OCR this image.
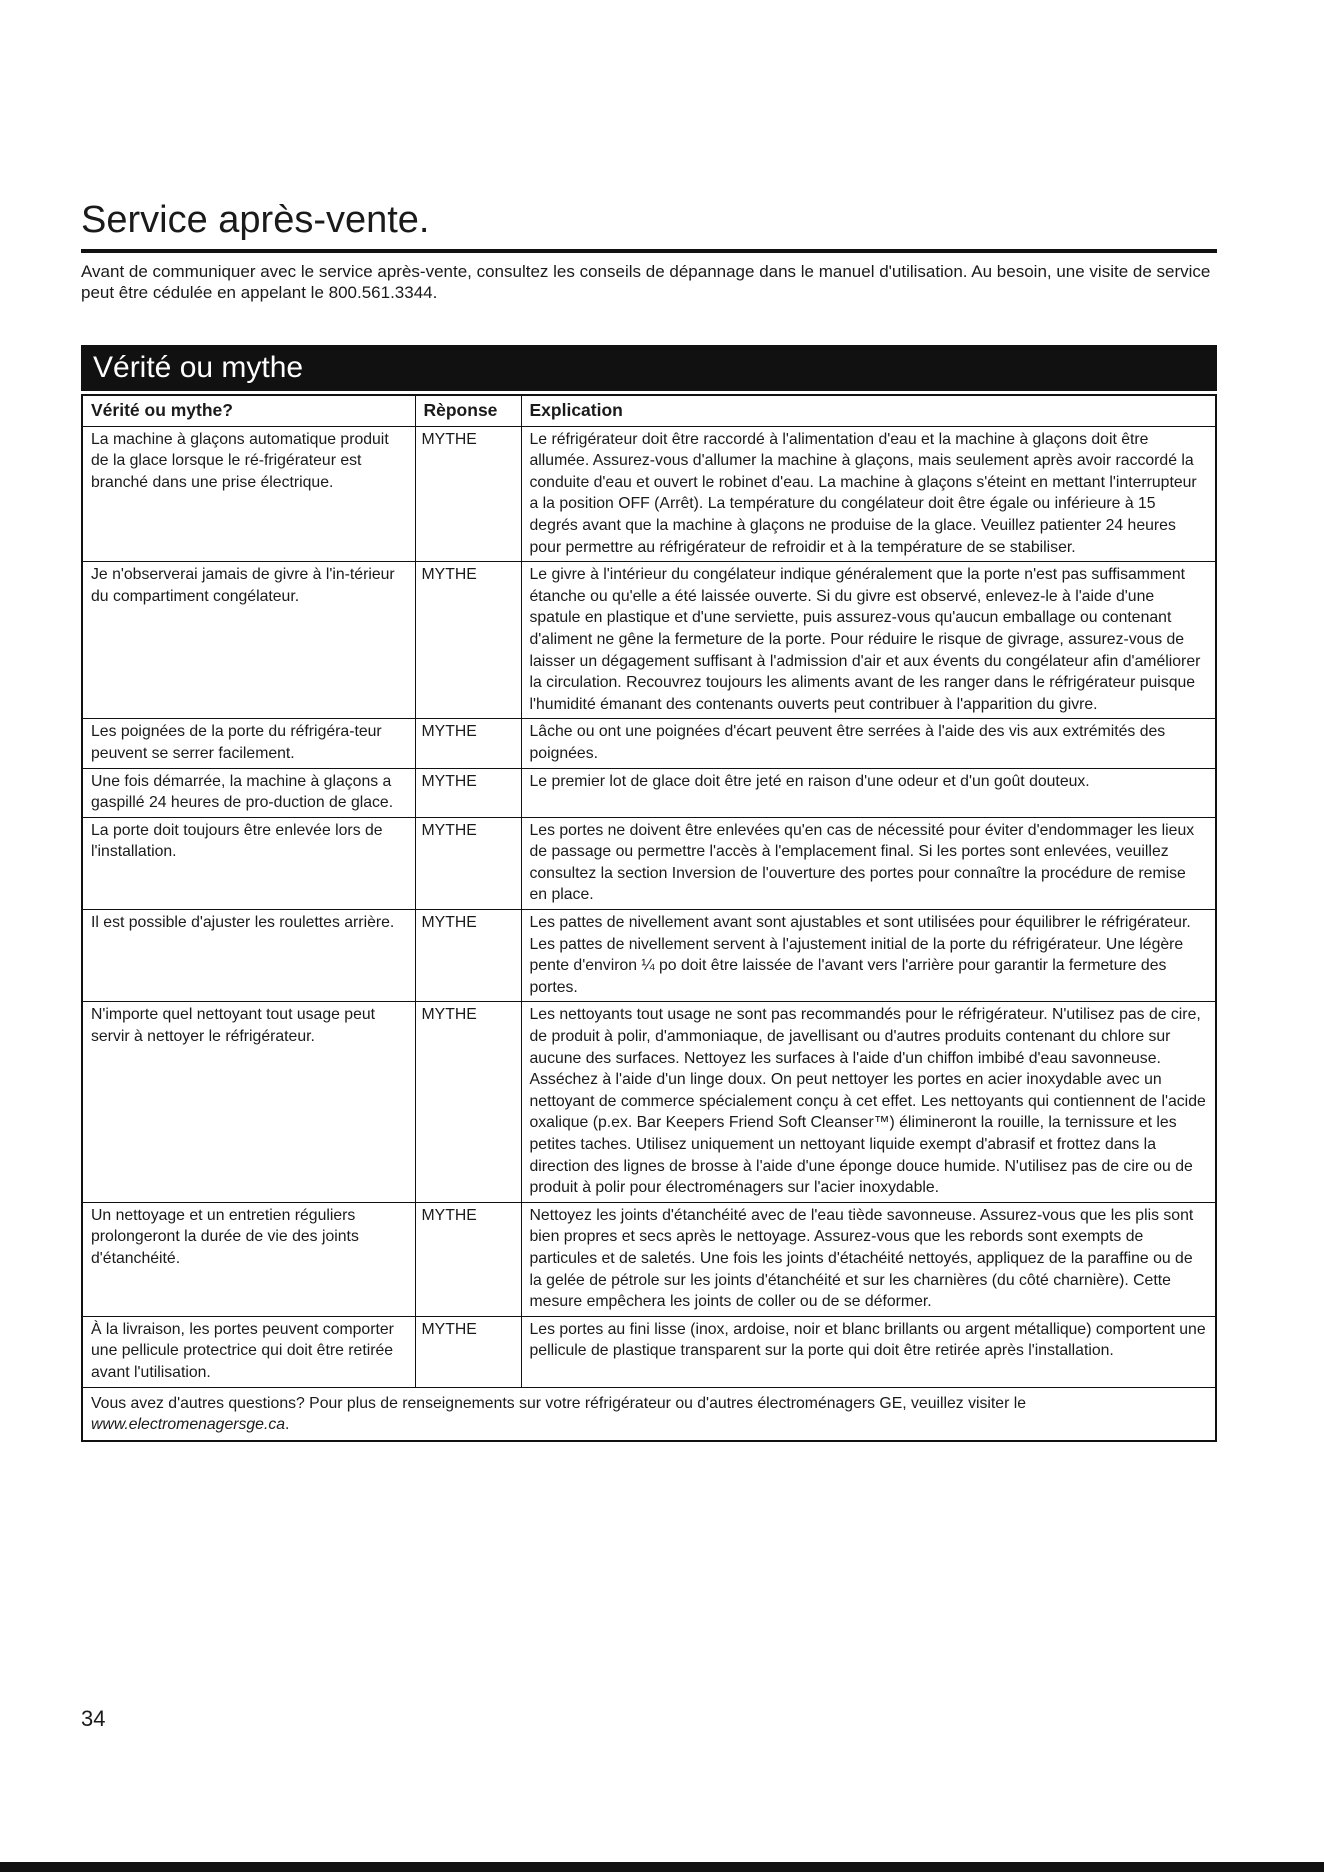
Service après-vente.

Avant de communiquer avec le service après-vente, consultez les conseils de dépannage dans le manuel d'utilisation. Au besoin, une visite de service peut être cédulée en appelant le 800.561.3344.

Vérité ou mythe
Vérité ou mythe?	Rèponse	Explication
La machine à glaçons automatique produit de la glace lorsque le ré-frigérateur est branché dans une prise électrique.	MYTHE	Le réfrigérateur doit être raccordé à l'alimentation d'eau et la machine à glaçons doit être allumée. Assurez-vous d'allumer la machine à glaçons, mais seulement après avoir raccordé la conduite d'eau et ouvert le robinet d'eau. La machine à glaçons s'éteint en mettant l'interrupteur a la position OFF (Arrêt). La température du congélateur doit être égale ou inférieure à 15 degrés avant que la machine à glaçons ne produise de la glace. Veuillez patienter 24 heures pour permettre au réfrigérateur de refroidir et à la température de se stabiliser.
Je n'observerai jamais de givre à l'in-térieur du compartiment congélateur.	MYTHE	Le givre à l'intérieur du congélateur indique généralement que la porte n'est pas suffisamment étanche ou qu'elle a été laissée ouverte. Si du givre est observé, enlevez-le à l'aide d'une spatule en plastique et d'une serviette, puis assurez-vous qu'aucun emballage ou contenant d'aliment ne gêne la fermeture de la porte. Pour réduire le risque de givrage, assurez-vous de laisser un dégagement suffisant à l'admission d'air et aux évents du congélateur afin d'améliorer la circulation. Recouvrez toujours les aliments avant de les ranger dans le réfrigérateur puisque l'humidité émanant des contenants ouverts peut contribuer à l'apparition du givre.
Les poignées de la porte du réfrigéra-teur peuvent se serrer facilement.	MYTHE	Lâche ou ont une poignées d'écart peuvent être serrées à l'aide des vis aux extrémités des poignées.
Une fois démarrée, la machine à glaçons a gaspillé 24 heures de pro-duction de glace.	MYTHE	Le premier lot de glace doit être jeté en raison d'une odeur et d'un goût douteux.
La porte doit toujours être enlevée lors de l'installation.	MYTHE	Les portes ne doivent être enlevées qu'en cas de nécessité pour éviter d'endommager les lieux de passage ou permettre l'accès à l'emplacement final. Si les portes sont enlevées, veuillez consultez la section Inversion de l'ouverture des portes pour connaître la procédure de remise en place.
Il est possible d'ajuster les roulettes arrière.	MYTHE	Les pattes de nivellement avant sont ajustables et sont utilisées pour équilibrer le réfrigérateur. Les pattes de nivellement servent à l'ajustement initial de la porte du réfrigérateur. Une légère pente d'environ ¼ po doit être laissée de l'avant vers l'arrière pour garantir la fermeture des portes.
N'importe quel nettoyant tout usage peut servir à nettoyer le réfrigérateur.	MYTHE	Les nettoyants tout usage ne sont pas recommandés pour le réfrigérateur. N'utilisez pas de cire, de produit à polir, d'ammoniaque, de javellisant ou d'autres produits contenant du chlore sur aucune des surfaces. Nettoyez les surfaces à l'aide d'un chiffon imbibé d'eau savonneuse. Asséchez à l'aide d'un linge doux. On peut nettoyer les portes en acier inoxydable avec un nettoyant de commerce spécialement conçu à cet effet. Les nettoyants qui contiennent de l'acide oxalique (p.ex. Bar Keepers Friend Soft Cleanser™) élimineront la rouille, la ternissure et les petites taches. Utilisez uniquement un nettoyant liquide exempt d'abrasif et frottez dans la direction des lignes de brosse à l'aide d'une éponge douce humide. N'utilisez pas de cire ou de produit à polir pour électroménagers sur l'acier inoxydable.
Un nettoyage et un entretien réguliers prolongeront la durée de vie des joints d'étanchéité.	MYTHE	Nettoyez les joints d'étanchéité avec de l'eau tiède savonneuse. Assurez-vous que les plis sont bien propres et secs après le nettoyage. Assurez-vous que les rebords sont exempts de particules et de saletés. Une fois les joints d'étachéité nettoyés, appliquez de la paraffine ou de la gelée de pétrole sur les joints d'étanchéité et sur les charnières (du côté charnière). Cette mesure empêchera les joints de coller ou de se déformer.
À la livraison, les portes peuvent comporter une pellicule protectrice qui doit être retirée avant l'utilisation.	MYTHE	Les portes au fini lisse (inox, ardoise, noir et blanc brillants ou argent métallique) comportent une pellicule de plastique transparent sur la porte qui doit être retirée après l'installation.
Vous avez d'autres questions? Pour plus de renseignements sur votre réfrigérateur ou d'autres électroménagers GE, veuillez visiter le
www.electromenagersge.ca.		
34
